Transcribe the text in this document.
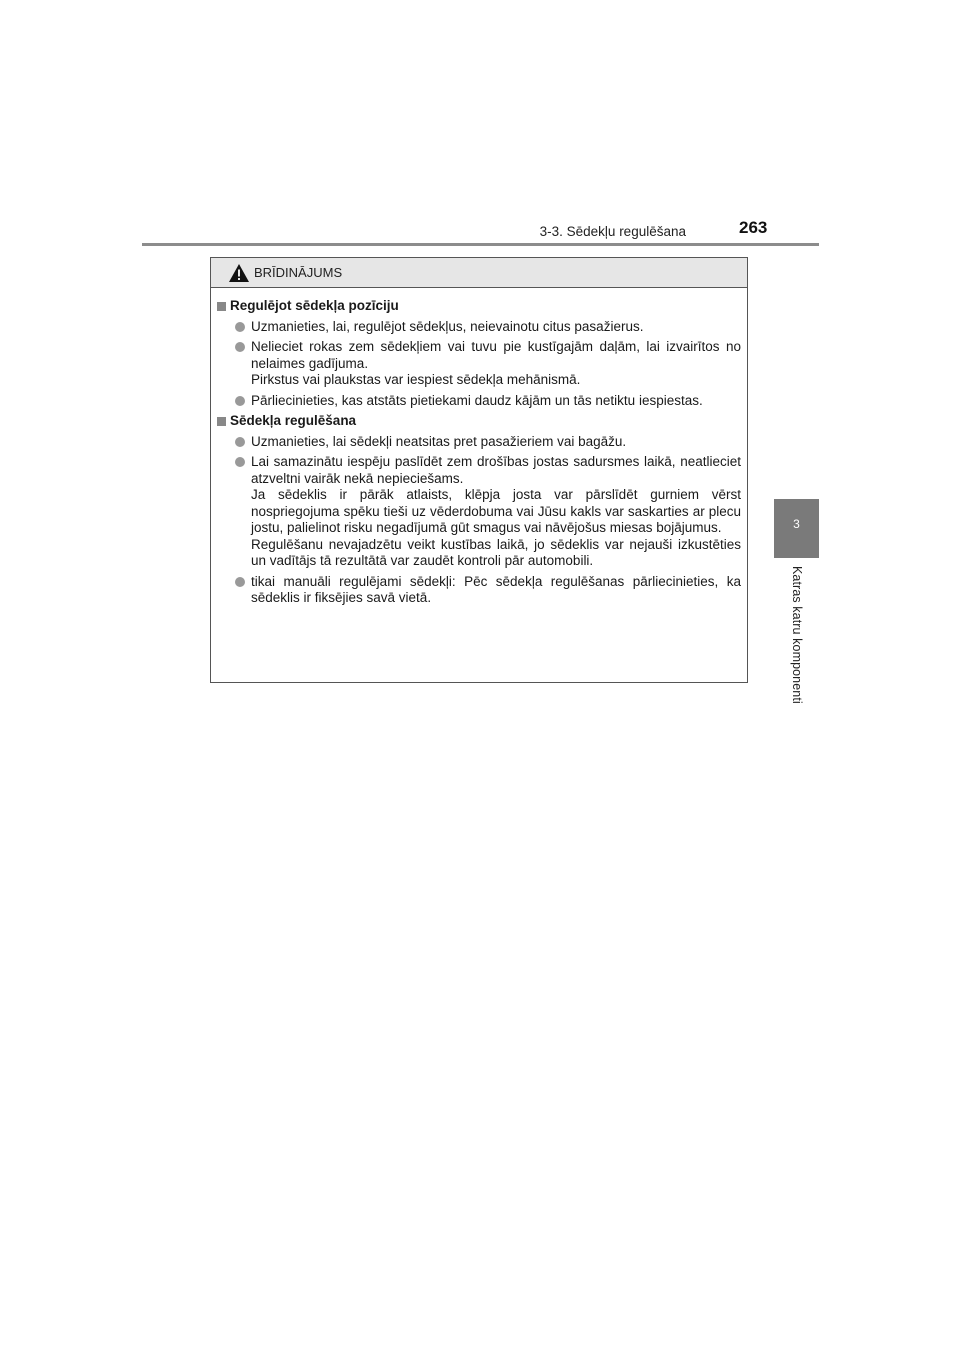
3-3. Sēdekļu regulēšana	263
3
Katras katru komponenti
BRĪDINĀJUMS
Regulējot sēdekļa pozīciju
Uzmanieties, lai, regulējot sēdekļus, neievainotu citus pasažierus.
Nelieciet rokas zem sēdekļiem vai tuvu pie kustīgajām daļām, lai izvairītos no nelaimes gadījuma.
Pirkstus vai plaukstas var iespiest sēdekļa mehānismā.
Pārliecinieties, kas atstāts pietiekami daudz kājām un tās netiktu iespiestas.
Sēdekļa regulēšana
Uzmanieties, lai sēdekļi neatsitas pret pasažieriem vai bagāžu.
Lai samazinātu iespēju paslīdēt zem drošības jostas sadursmes laikā, neatlieciet atzveltni vairāk nekā nepieciešams.
Ja sēdeklis ir pārāk atlaists, klēpja josta var pārslīdēt gurniem vērst nospriegojuma spēku tieši uz vēderdobuma vai Jūsu kakls var saskarties ar plecu jostu, palielinot risku negadījumā gūt smagus vai nāvējošus miesas bojājumus.
Regulēšanu nevajadzētu veikt kustības laikā, jo sēdeklis var nejauši izkustēties un vadītājs tā rezultātā var zaudēt kontroli pār automobili.
tikai manuāli regulējami sēdekļi: Pēc sēdekļa regulēšanas pārliecinieties, ka sēdeklis ir fiksējies savā vietā.
